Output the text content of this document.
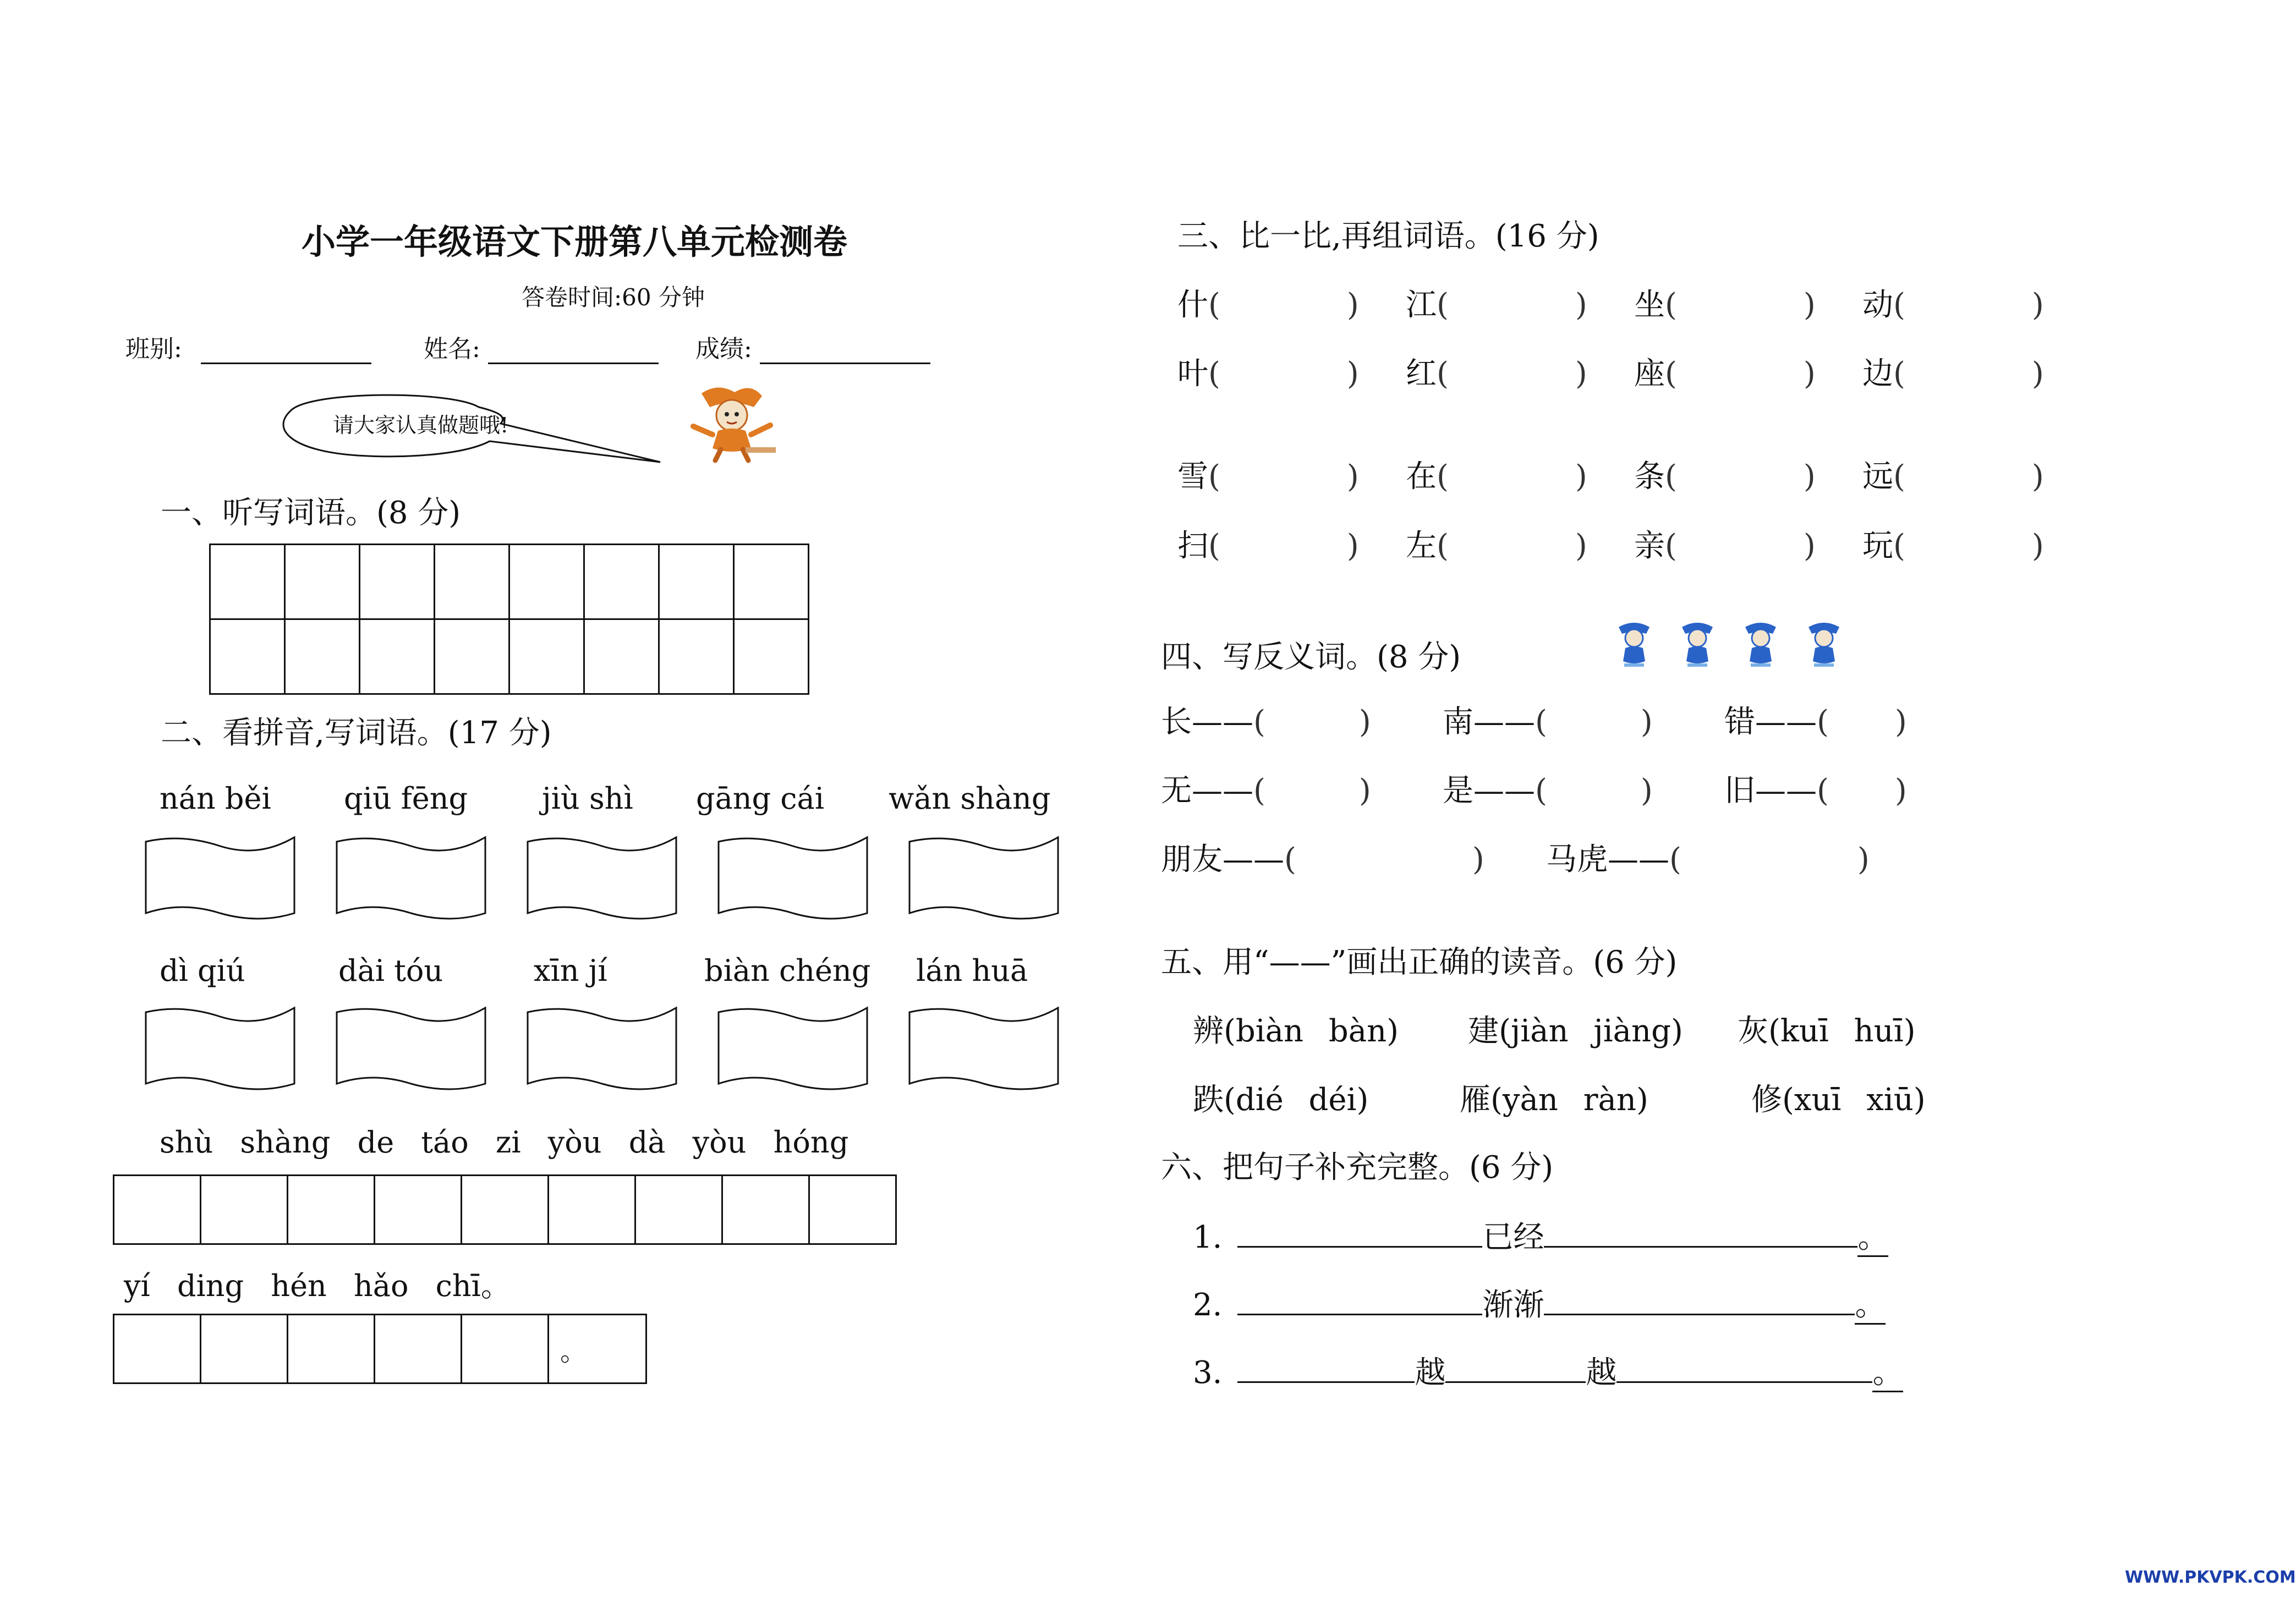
小学一年级语文下册第八单元检测卷
答卷时间:60 分钟
班别:	姓名:	成绩:
请大家认真做题哦!
一、听写词语。(8 分)

二、看拼音,写词语。(17 分)
nán běi qiū fēng jiù shì gāng cái wǎn shàng
dì qiú	dài tóu	xīn jí	biàn chéng lán huā
shù shàng de táo zi yòu dà yòu hóng

yí ding hén hǎo chī。
					。
三、比一比,再组词语。(16 分)
什(	) 江(	) 坐(	) 动(	)
叶(	) 红(	) 座(	) 边(	)
雪(	) 在(	) 条(	) 远(	)
扫(	) 左(	) 亲(	) 玩(	)
四、写反义词。(8 分)
长——(	) 南——(	) 错——( )
无——(	) 是——(	) 旧——( )
朋友——(	) 马虎——(	)
五、用“——”画出正确的读音。(6 分)
辨(biàn bàn) 建(jiàn jiàng) 灰(kuī huī)
跌(dié déi)	雁(yàn ràn)	修(xuī xiū)
六、把句子补充完整。(6 分)
1.	已经	。
2.	渐渐	。
3.	越	越	。
WWW.PKVPK.COM
